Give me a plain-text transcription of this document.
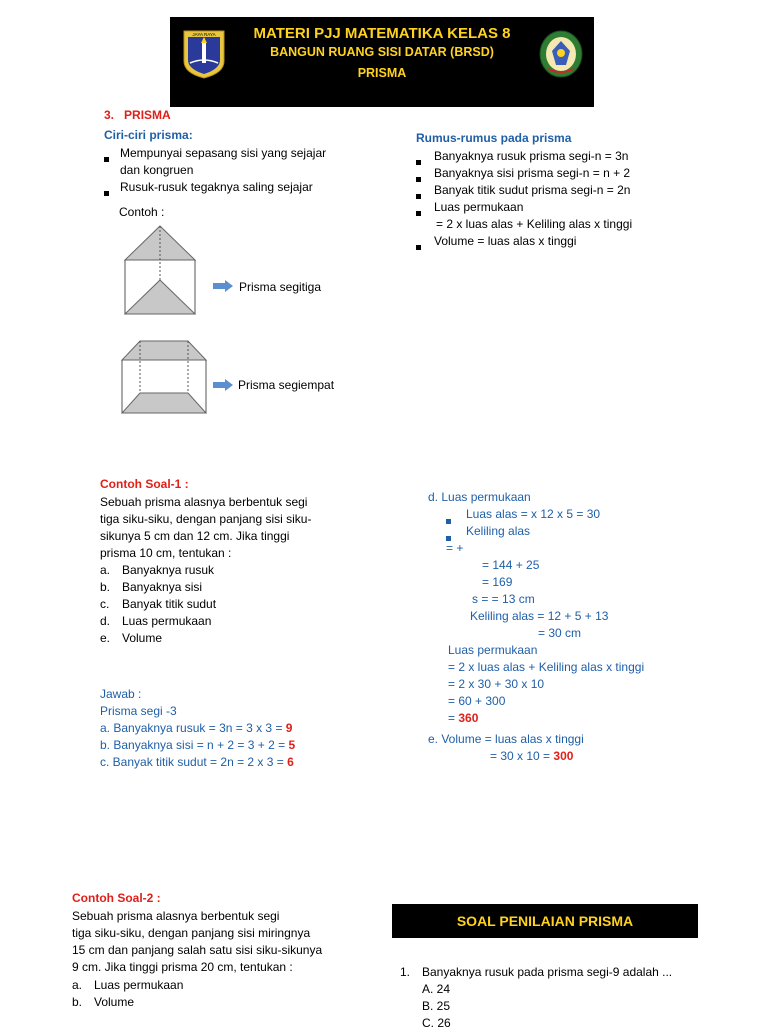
JAYA RAYA	MATERI PJJ MATEMATIKA KELAS 8
BANGUN RUANG SISI DATAR (BRSD)
PRISMA
3. PRISMA
Ciri-ciri prisma:
Mempunyai sepasang sisi yang sejajar
dan kongruen
Rusuk-rusuk tegaknya saling sejajar
Contoh :
Prisma segitiga
Prisma segiempat
Rumus-rumus pada prisma
Banyaknya rusuk prisma segi-n = 3n
Banyaknya sisi prisma segi-n = n + 2
Banyak titik sudut prisma segi-n = 2n
Luas permukaan
= 2 x luas alas + Keliling alas x tinggi
Volume = luas alas x tinggi
Contoh Soal-1 :
Sebuah prisma alasnya berbentuk segi
tiga siku-siku, dengan panjang sisi siku-
sikunya 5 cm dan 12 cm. Jika tinggi
prisma 10 cm, tentukan :
a. Banyaknya rusuk
b. Banyaknya sisi
c. Banyak titik sudut
d. Luas permukaan
e. Volume
Jawab :
Prisma segi -3
a. Banyaknya rusuk = 3n = 3 x 3 = 9
b. Banyaknya sisi = n + 2 = 3 + 2 = 5
c. Banyak titik sudut = 2n = 2 x 3 = 6
d. Luas permukaan
Luas alas = x 12 x 5 = 30
Keliling alas
= +
= 144 + 25
= 169
s = = 13 cm
Keliling alas = 12 + 5 + 13
= 30 cm
Luas permukaan
= 2 x luas alas + Keliling alas x tinggi
= 2 x 30 + 30 x 10
= 60 + 300
= 360
e. Volume = luas alas x tinggi
= 30 x 10 = 300
Contoh Soal-2 :
Sebuah prisma alasnya berbentuk segi
tiga siku-siku, dengan panjang sisi miringnya
15 cm dan panjang salah satu sisi siku-sikunya
9 cm. Jika tinggi prisma 20 cm, tentukan :
a. Luas permukaan
b. Volume
SOAL PENILAIAN PRISMA
1. Banyaknya rusuk pada prisma segi-9 adalah ...
A. 24
B. 25
C. 26
